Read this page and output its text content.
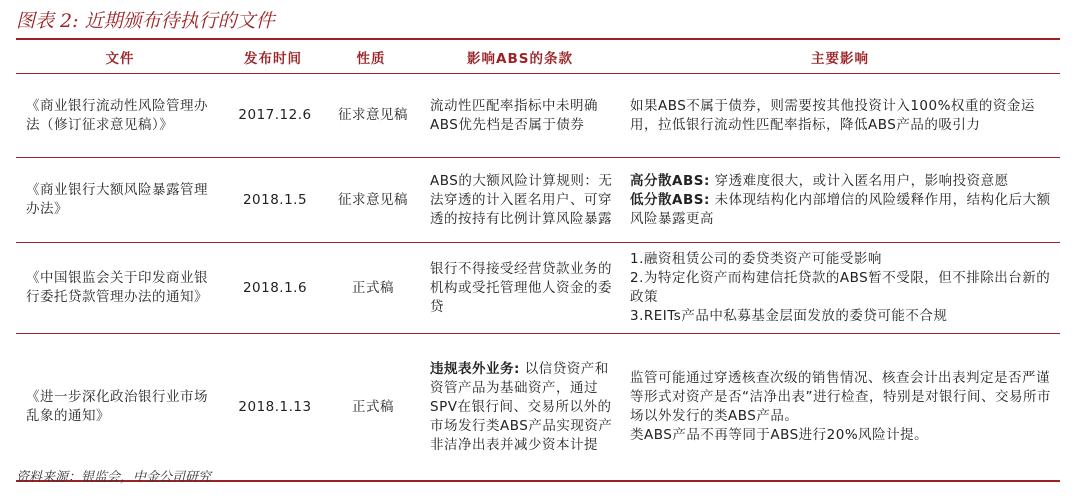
图表 2: 近期颁布待执行的文件
文件	发布时间	性质	影响ABS的条款	主要影响
《商业银行流动性风险管理办法（修订征求意见稿）》	2017.12.6	征求意见稿	流动性匹配率指标中未明确ABS优先档是否属于债券	如果ABS不属于债券，则需要按其他投资计入100%权重的资金运用，拉低银行流动性匹配率指标，降低ABS产品的吸引力
《商业银行大额风险暴露管理办法》	2018.1.5	征求意见稿	ABS的大额风险计算规则：无法穿透的计入匿名用户、可穿透的按持有比例计算风险暴露	高分散ABS: 穿透难度很大，或计入匿名用户，影响投资意愿
低分散ABS: 未体现结构化内部增信的风险缓释作用，结构化后大额风险暴露更高

《中国银监会关于印发商业银行委托贷款管理办法的通知》	2018.1.6	正式稿	银行不得接受经营贷款业务的机构或受托管理他人资金的委贷	1.融资租赁公司的委贷类资产可能受影响
2.为特定化资产而构建信托贷款的ABS暂不受限，但不排除出台新的政策
3.REITs产品中私募基金层面发放的委贷可能不合规

《进一步深化政治银行业市场乱象的通知》	2018.1.13	正式稿	违规表外业务: 以信贷资产和资管产品为基础资产，通过SPV在银行间、交易所以外的市场发行类ABS产品实现资产非洁净出表并减少资本计提	监管可能通过穿透核查次级的销售情况、核查会计出表判定是否严谨等形式对资产是否“洁净出表”进行检查，特别是对银行间、交易所市场以外发行的类ABS产品。
类ABS产品不再等同于ABS进行20%风险计提。
资料来源：银监会，中金公司研究
